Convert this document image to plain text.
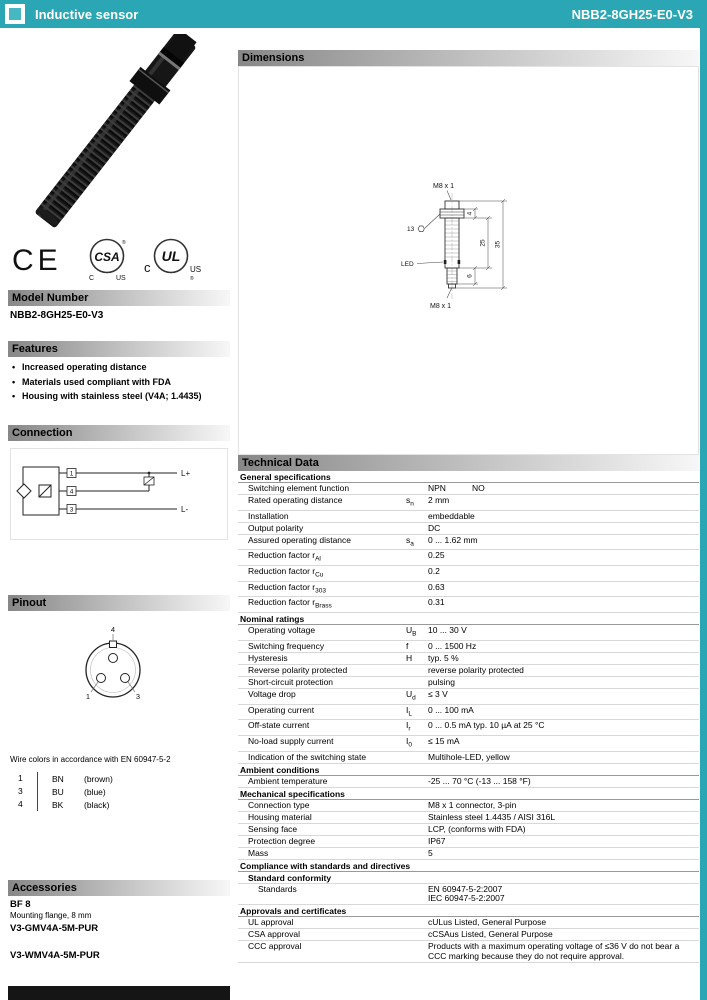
Inductive sensor	NBB2-8GH25-E0-V3
CE	CSA
®
C	US
c
UL
US
®
Model Number
NBB2-8GH25-E0-V3
Features
• Increased operating distance
• Materials used compliant with FDA
• Housing with stainless steel (V4A; 1.4435)
Connection
1
4
3
L+
L-
Pinout
4
1	3
Wire colors in accordance with EN 60947-5-2
1	BN	(brown)
3	BU	(blue)
4	BK	(black)
Accessories
BF 8
Mounting flange, 8 mm
V3-GMV4A-5M-PUR
V3-WMV4A-5M-PUR
Dimensions
M8 x 1
M8 x 1
13
LED
4
25 35
6
Technical Data
General specifications
Switching element function	NPN	NO
Rated operating distance	$s_n$	2 mm
Installation	embeddable
Output polarity	DC
Assured operating distance	$s_a$	0 ... 1.62 mm
Reduction factor $r_{Al}$	0.25
Reduction factor $r_{Cu}$	0.2
Reduction factor $r_{303}$	0.63
Reduction factor $r_{Brass}$	0.31
Nominal ratings
Operating voltage	$U_B$	10 ... 30 V
Switching frequency	f	0 ... 1500 Hz
Hysteresis	H	typ. 5 %
Reverse polarity protected	reverse polarity protected
Short-circuit protection	pulsing
Voltage drop	$U_d$	≤ 3 V
Operating current	$I_L$	0 ... 100 mA
Off-state current	$I_r$	0 ... 0.5 mA typ. 10 µA at 25 °C
No-load supply current	$I_0$	≤ 15 mA
Indication of the switching state	Multihole-LED, yellow
Ambient conditions
Ambient temperature	-25 ... 70 °C (-13 ... 158 °F)
Mechanical specifications
Connection type	M8 x 1 connector, 3-pin
Housing material	Stainless steel 1.4435 / AISI 316L
Sensing face	LCP, (conforms with FDA)
Protection degree	IP67
Mass	5
Compliance with standards and directives
Standard conformity
Standards	EN 60947-5-2:2007
IEC 60947-5-2:2007
Approvals and certificates
UL approval	cULus Listed, General Purpose
CSA approval	cCSAus Listed, General Purpose
CCC approval	Products with a maximum operating voltage of ≤36 V do not bear a CCC marking because they do not require approval.
